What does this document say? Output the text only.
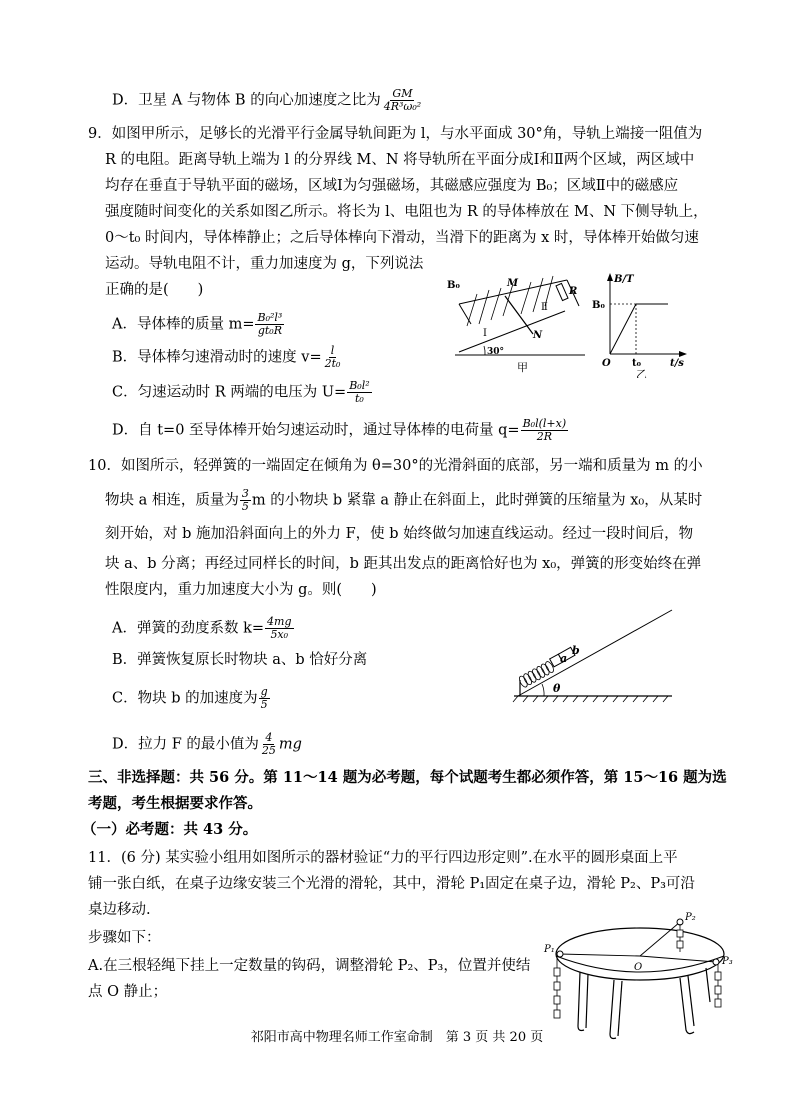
D．卫星 A 与物体 B 的向心加速度之比为 $\frac{GM}{\text{4R³ω₀²}}$
9．如图甲所示，足够长的光滑平行金属导轨间距为 l，与水平面成 30°角，导轨上端接一阻值为
R 的电阻。距离导轨上端为 l 的分界线 M、N 将导轨所在平面分成Ⅰ和Ⅱ两个区域，两区域中
均存在垂直于导轨平面的磁场，区域Ⅰ为匀强磁场，其磁感应强度为 B₀；区域Ⅱ中的磁感应
强度随时间变化的关系如图乙所示。将长为 l、电阻也为 R 的导体棒放在 M、N 下侧导轨上，
0～t₀ 时间内，导体棒静止；之后导体棒向下滑动，当滑下的距离为 x 时，导体棒开始做匀速
运动。导轨电阻不计，重力加速度为 g，下列说法
正确的是(　　)
A．导体棒的质量 $m= \frac{\text{B₀²l³}}{\text{gt₀R}}$
B．导体棒匀速滑动时的速度 $v= \frac{l}{\text{2t₀}}$
C．匀速运动时 R 两端的电压为 $U= \frac{\text{B₀l²}}{\text{t₀}}$
D．自 t=0 至导体棒开始匀速运动时，通过导体棒的电荷量 $q= \frac{\text{B₀l(l+x)}}{2R}$
B₀	M
N
R
Ⅰ
Ⅱ
30°
甲
B/T
B₀
O t₀	t/s
乙
10．如图所示，轻弹簧的一端固定在倾角为 θ=30°的光滑斜面的底部，另一端和质量为 m 的小
物块 a 相连，质量为 $\frac{3}{5}$ m 的小物块 b 紧靠 a 静止在斜面上，此时弹簧的压缩量为 x₀，从某时
刻开始，对 b 施加沿斜面向上的外力 F，使 b 始终做匀加速直线运动。经过一段时间后，物
块 a、b 分离；再经过同样长的时间，b 距其出发点的距离恰好也为 x₀，弹簧的形变始终在弹
性限度内，重力加速度大小为 g。则(　　)
A．弹簧的劲度系数 $k= \frac{4mg}{\text{5x₀}}$
B．弹簧恢复原长时物块 a、b 恰好分离
C．物块 b 的加速度为 $\frac{g}{5}$
D．拉力 F 的最小值为 $\frac{4}{25}$ mg
a
b
θ
三、非选择题：共 56 分。第 11～14 题为必考题，每个试题考生都必须作答，第 15～16 题为选
考题，考生根据要求作答。
（一）必考题：共 43 分。
11．(6 分) 某实验小组用如图所示的器材验证“力的平行四边形定则”.在水平的圆形桌面上平
铺一张白纸，在桌子边缘安装三个光滑的滑轮，其中，滑轮 P₁固定在桌子边，滑轮 P₂、P₃可沿
桌边移动.
步骤如下：
A.在三根轻绳下挂上一定数量的钩码，调整滑轮 P₂、P₃，位置并使结
点 O 静止；
P₁
P₂
P₃
O
祁阳市高中物理名师工作室命制　第 3 页 共 20 页
